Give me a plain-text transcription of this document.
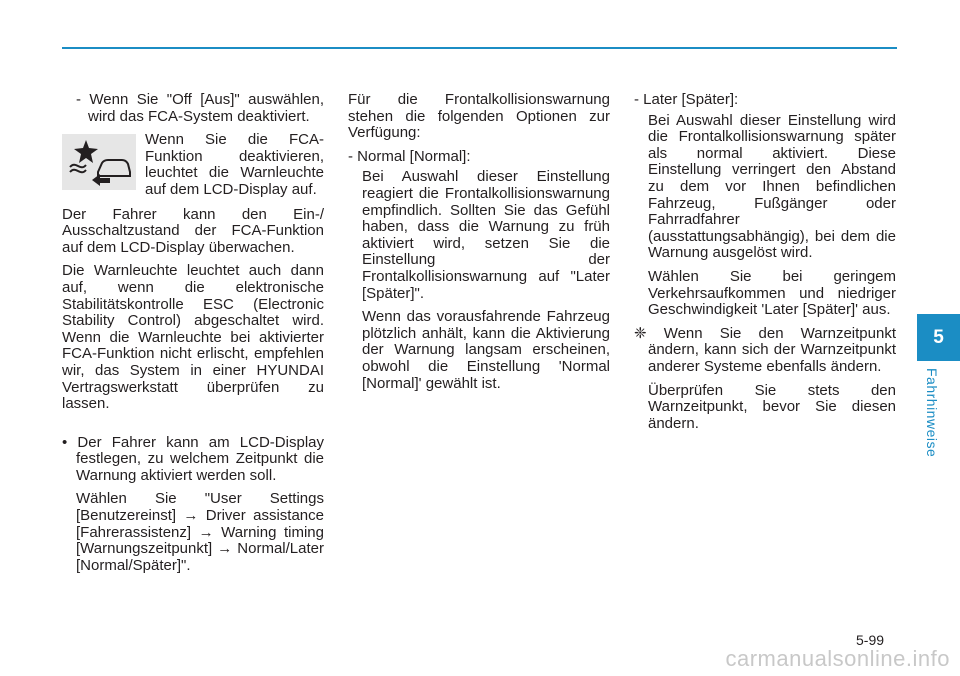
- Wenn Sie "Off [Aus]" auswählen, wird das FCA-System deaktiviert.

Wenn Sie die FCA-Funktion deaktivieren, leuchtet die Warnleuchte auf dem LCD-Display auf.

Der Fahrer kann den Ein-/ Ausschaltzustand der FCA-Funktion auf dem LCD-Display überwachen.

Die Warnleuchte leuchtet auch dann auf, wenn die elektronische Stabilitätskontrolle ESC (Electronic Stability Control) abgeschaltet wird. Wenn die Warnleuchte bei aktivierter FCA-Funktion nicht erlischt, empfehlen wir, das System in einer HYUNDAI Vertragswerkstatt überprüfen zu lassen.

• Der Fahrer kann am LCD-Display festlegen, zu welchem Zeitpunkt die Warnung aktiviert werden soll.

Wählen Sie "User Settings [Benutzereinst] → Driver assistance [Fahrerassistenz] → Warning timing [Warnungszeitpunkt] → Normal/Later [Normal/Später]".

Für die Frontalkollisionswarnung stehen die folgenden Optionen zur Verfügung:

- Normal [Normal]:

Bei Auswahl dieser Einstellung reagiert die Frontalkollisionswarnung empfindlich. Sollten Sie das Gefühl haben, dass die Warnung zu früh aktiviert wird, setzen Sie die Einstellung der Frontalkollisionswarnung auf "Later [Später]".

Wenn das vorausfahrende Fahrzeug plötzlich anhält, kann die Aktivierung der Warnung langsam erscheinen, obwohl die Einstellung 'Normal [Normal]' gewählt ist.

- Later [Später]:

Bei Auswahl dieser Einstellung wird die Frontalkollisionswarnung später als normal aktiviert. Diese Einstellung verringert den Abstand zu dem vor Ihnen befindlichen Fahrzeug, Fußgänger oder Fahrradfahrer (ausstattungsabhängig), bei dem die Warnung ausgelöst wird.

Wählen Sie bei geringem Verkehrsaufkommen und niedriger Geschwindigkeit 'Later [Später]' aus.

❈ Wenn Sie den Warnzeitpunkt ändern, kann sich der Warnzeitpunkt anderer Systeme ebenfalls ändern.

Überprüfen Sie stets den Warnzeitpunkt, bevor Sie diesen ändern.

5
Fahrhinweise
5-99
carmanualsonline.info
